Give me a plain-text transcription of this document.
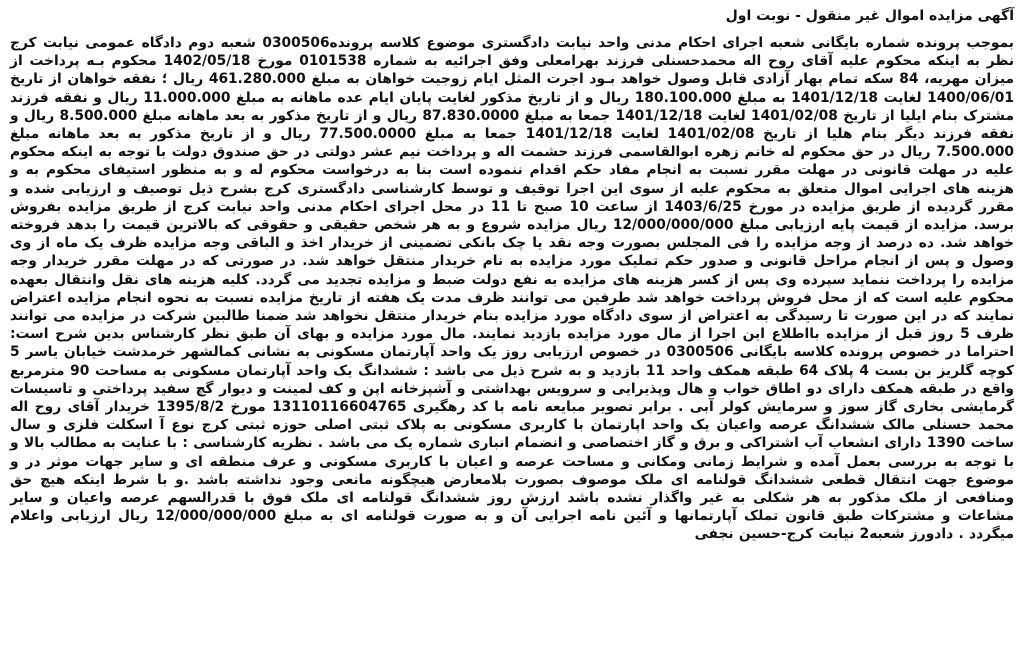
آگهی مزایده اموال غیر منقول - نوبت اول

بموجب پرونده شماره بایگانی شعبه اجرای احکام مدنی واحد نیابت دادگستری موضوع کلاسه پرونده0300506 شعبه دوم دادگاه عمومی نیابت کرج نظر به اینکه محکوم علیه آقای روح اله محمدحسنلی فرزند بهرامعلی وفق اجرائیه به شماره 0101538 مورخ 1402/05/18 محکوم بـه پرداخت از میزان مهریه، 84 سکه تمام بهار آزادی قابل وصول خواهد بـود اجرت المثل ایام زوجیت خواهان به مبلغ 461.280.000 ریال ؛ نفقه خواهان از تاریخ 1400/06/01 لغایت 1401/12/18 به مبلغ 180.100.000 ریال و از تاریخ مذکور لغایت پایان ایام عده ماهانه به مبلغ 11.000.000 ریال و نفقه فرزند مشترک بنام ایلیا از تاریخ 1401/02/08 لغایت 1401/12/18 جمعا به مبلغ 87.830.0000 ریال و از تاریخ مذکور به بعد ماهانه مبلغ 8.500.000 ریال و نفقه فرزند دیگر بنام هلیا از تاریخ 1401/02/08 لغایت 1401/12/18 جمعا به مبلغ 77.500.0000 ریال و از تاریخ مذکور به بعد ماهانه مبلغ 7.500.000 ریال در حق محکوم له خانم زهره ابوالقاسمی فرزند حشمت اله و پرداخت نیم عشر دولتی در حق صندوق دولت با توجه به اینکه محکوم علیه در مهلت قانونی در مهلت مقرر نسبت به انجام مفاد حکم اقدام ننموده است بنا به درخواست محکوم له و به منظور استیفای محکوم به و هزینه های اجرایی اموال متعلق به محکوم علیه از سوی این اجرا توقیف و توسط کارشناسی دادگستری کرج بشرح ذیل توصیف و ارزیابی شده و مقرر گردیده از طریق مزایده در مورخ 1403/6/25 از ساعت 10 صبح تا 11 در محل اجرای احکام مدنی واحد نیابت کرج از طریق مزایده بفروش برسد. مزایده از قیمت پایه ارزیابی مبلغ 12/000/000/000 ریال مزایده شروع و به هر شخص حقیقی و حقوقی که بالاترین قیمت را بدهد فروخته خواهد شد. ده درصد از وجه مزایده را فی المجلس بصورت وجه نقد یا چک بانکی تضمینی از خریدار اخذ و الباقی وجه مزایده ظرف یک ماه از وی وصول و پس از انجام مراحل قانونی و صدور حکم تملیک مورد مزایده به نام خریدار منتقل خواهد شد. در صورتی که در مهلت مقرر خریدار وجه مزایده را پرداخت ننماید سپرده وی پس از کسر هزینه های مزایده به نفع دولت ضبط و مزایده تجدید می گردد. کلیه هزینه های نقل وانتقال بعهده محکوم علیه است که از محل فروش پرداخت خواهد شد طرفین می توانند ظرف مدت یک هفته از تاریخ مزایده نسبت به نحوه انجام مزایده اعتراض نمایند که در این صورت تا رسیدگی به اعتراض از سوی دادگاه مورد مزایده بنام خریدار منتقل نخواهد شد ضمنا طالبین شرکت در مزایده می توانند ظرف 5 روز قبل از مزایده بااطلاع این اجرا از مال مورد مزایده بازدید نمایند. مال مورد مزایده و بهای آن طبق نظر کارشناس بدین شرح است: احتراما در خصوص پرونده کلاسه بایگانی 0300506 در خصوص ارزیابی روز یک واحد آپارتمان مسکونی به نشانی کمالشهر خرمدشت خیابان یاسر 5 کوچه گلریز بن بست 4 پلاک 64 طبقه همکف واحد 11 بازدید و به شرح ذیل می باشد : ششدانگ یک واحد آپارتمان مسکونی به مساحت 90 مترمربع واقع در طبقه همکف دارای دو اطاق خواب و هال وپذیرایی و سرویس بهداشتی و آشپزخانه اپن و کف لمینت و دیوار گچ سفید پرداختی و تاسیسات گرمایشی بخاری گاز سوز و سرمایش کولر آبی . برابر تصویر مبایعه نامه با کد رهگیری 13110116604765 مورخ 1395/8/2 خریدار آقای روح اله محمد حسنلی مالک ششدانگ عرصه واعیان یک واحد اپارتمان با کاربری مسکونی به پلاک ثبتی اصلی حوزه ثبتی کرج نوع آ اسکلت فلزی و سال ساخت 1390 دارای انشعاب آب اشتراکی و برق و گاز اختصاصی و انضمام انباری شماره یک می باشد . نظریه کارشناسی : با عنایت به مطالب بالا و با توجه به بررسی بعمل آمده و شرایط زمانی ومکانی و مساحت عرصه و اعیان با کاربری مسکونی و عرف منطقه ای و سایر جهات موثر در و موضوع جهت انتقال قطعی ششدانگ قولنامه ای ملک موصوف بصورت بلامعارض هیچگونه مانعی وجود نداشته باشد .و با شرط اینکه هیچ حق ومنافعی از ملک مذکور به هر شکلی به غیر واگذار نشده باشد ارزش روز ششدانگ قولنامه ای ملک فوق با قدرالسهم عرصه واعیان و سایر مشاعات و مشترکات طبق قانون تملک آپارتمانها و آئین نامه اجرایی آن و به صورت قولنامه ای به مبلغ 12/000/000/000 ریال ارزیابی واعلام میگردد . دادورز شعبه2 نیابت کرج-حسین نجفی
